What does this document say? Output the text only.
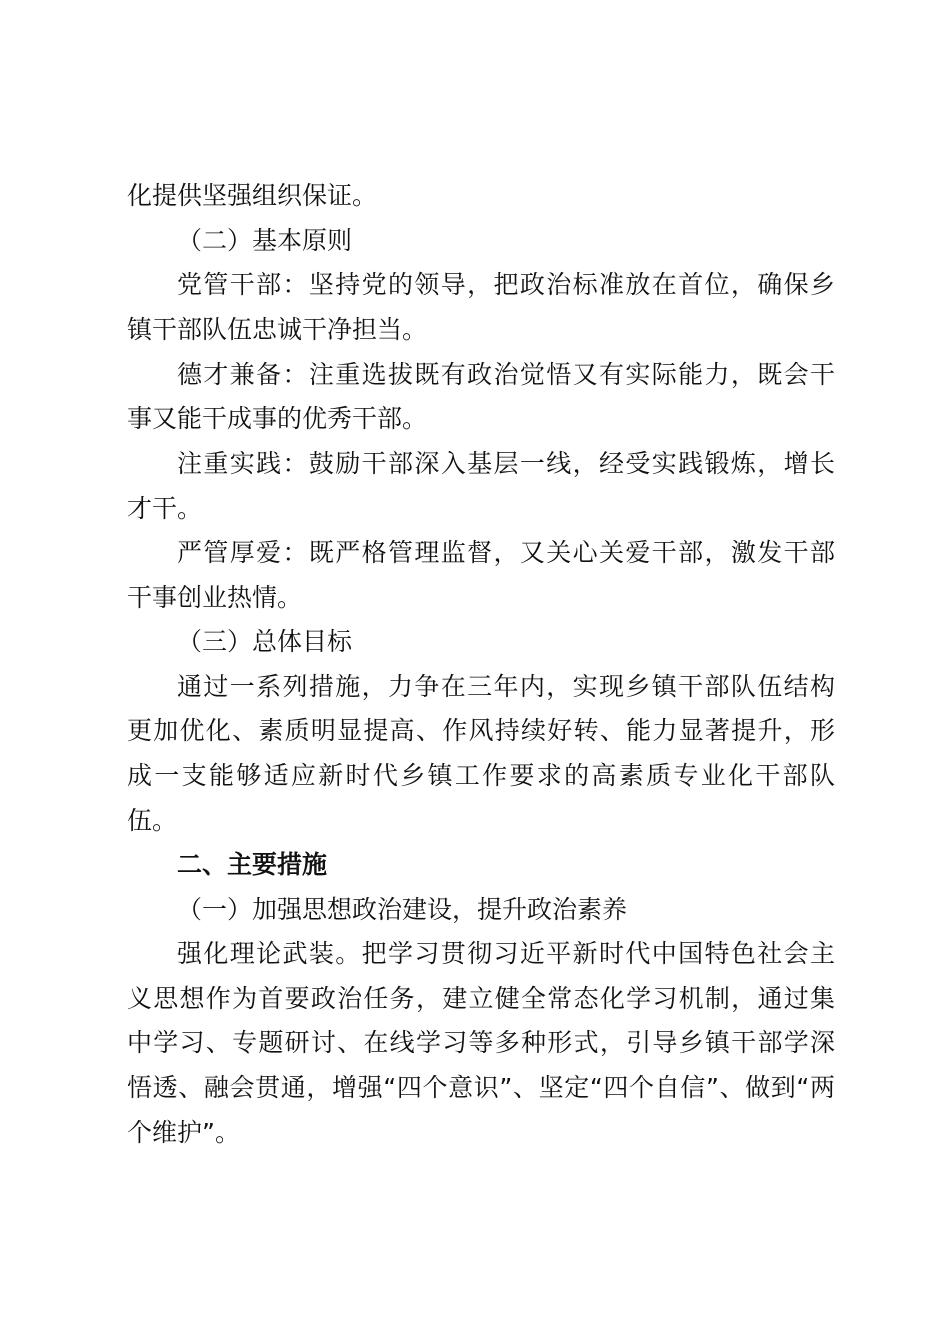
化提供坚强组织保证。
（二）基本原则
党管干部：坚持党的领导，把政治标准放在首位，确保乡
镇干部队伍忠诚干净担当。
德才兼备：注重选拔既有政治觉悟又有实际能力，既会干
事又能干成事的优秀干部。
注重实践：鼓励干部深入基层一线，经受实践锻炼，增长
才干。
严管厚爱：既严格管理监督，又关心关爱干部，激发干部
干事创业热情。
（三）总体目标
通过一系列措施，力争在三年内，实现乡镇干部队伍结构
更加优化、素质明显提高、作风持续好转、能力显著提升，形
成一支能够适应新时代乡镇工作要求的高素质专业化干部队
伍。
二、主要措施
（一）加强思想政治建设，提升政治素养
强化理论武装。把学习贯彻习近平新时代中国特色社会主
义思想作为首要政治任务，建立健全常态化学习机制，通过集
中学习、专题研讨、在线学习等多种形式，引导乡镇干部学深
悟透、融会贯通，增强“四个意识”、坚定“四个自信”、做到“两
个维护”。
